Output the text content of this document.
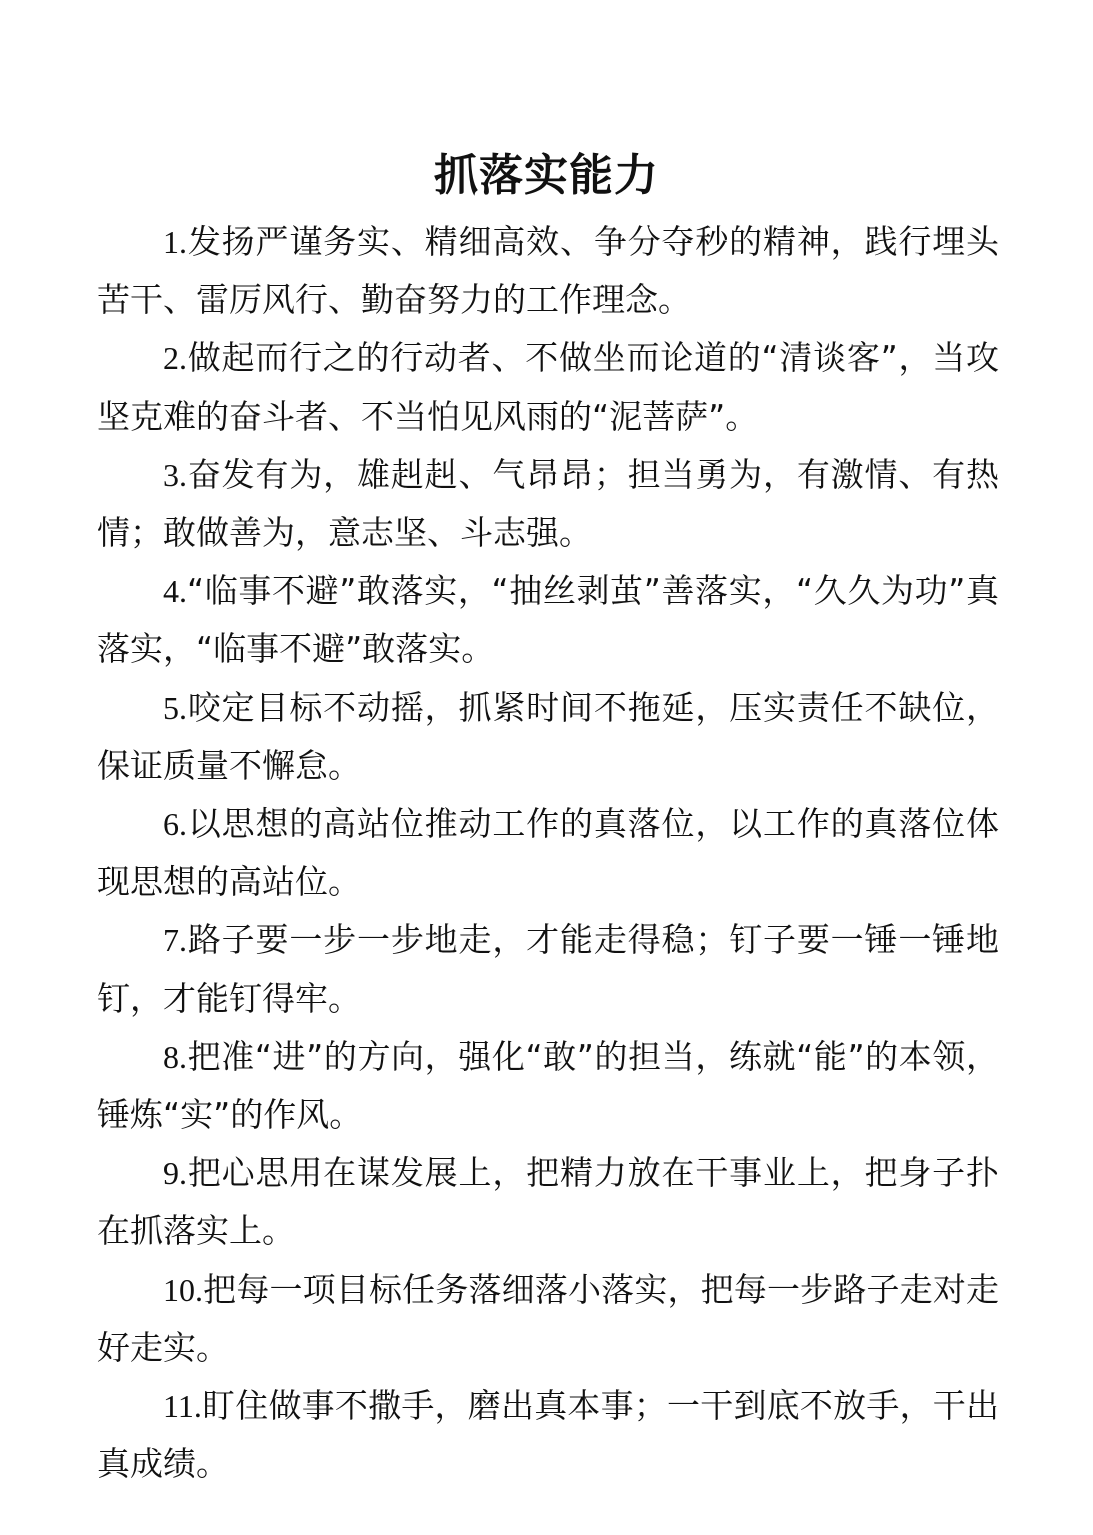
抓落实能力

1.发扬严谨务实、精细高效、争分夺秒的精神，践行埋头苦干、雷厉风行、勤奋努力的工作理念。

2.做起而行之的行动者、不做坐而论道的“清谈客”，当攻坚克难的奋斗者、不当怕见风雨的“泥菩萨”。

3.奋发有为，雄赳赳、气昂昂；担当勇为，有激情、有热情；敢做善为，意志坚、斗志强。

4.“临事不避”敢落实，“抽丝剥茧”善落实，“久久为功”真落实，“临事不避”敢落实。

5.咬定目标不动摇，抓紧时间不拖延，压实责任不缺位，保证质量不懈怠。

6.以思想的高站位推动工作的真落位，以工作的真落位体现思想的高站位。

7.路子要一步一步地走，才能走得稳；钉子要一锤一锤地钉，才能钉得牢。

8.把准“进”的方向，强化“敢”的担当，练就“能”的本领，锤炼“实”的作风。

9.把心思用在谋发展上，把精力放在干事业上，把身子扑在抓落实上。

10.把每一项目标任务落细落小落实，把每一步路子走对走好走实。

11.盯住做事不撒手，磨出真本事；一干到底不放手，干出真成绩。
